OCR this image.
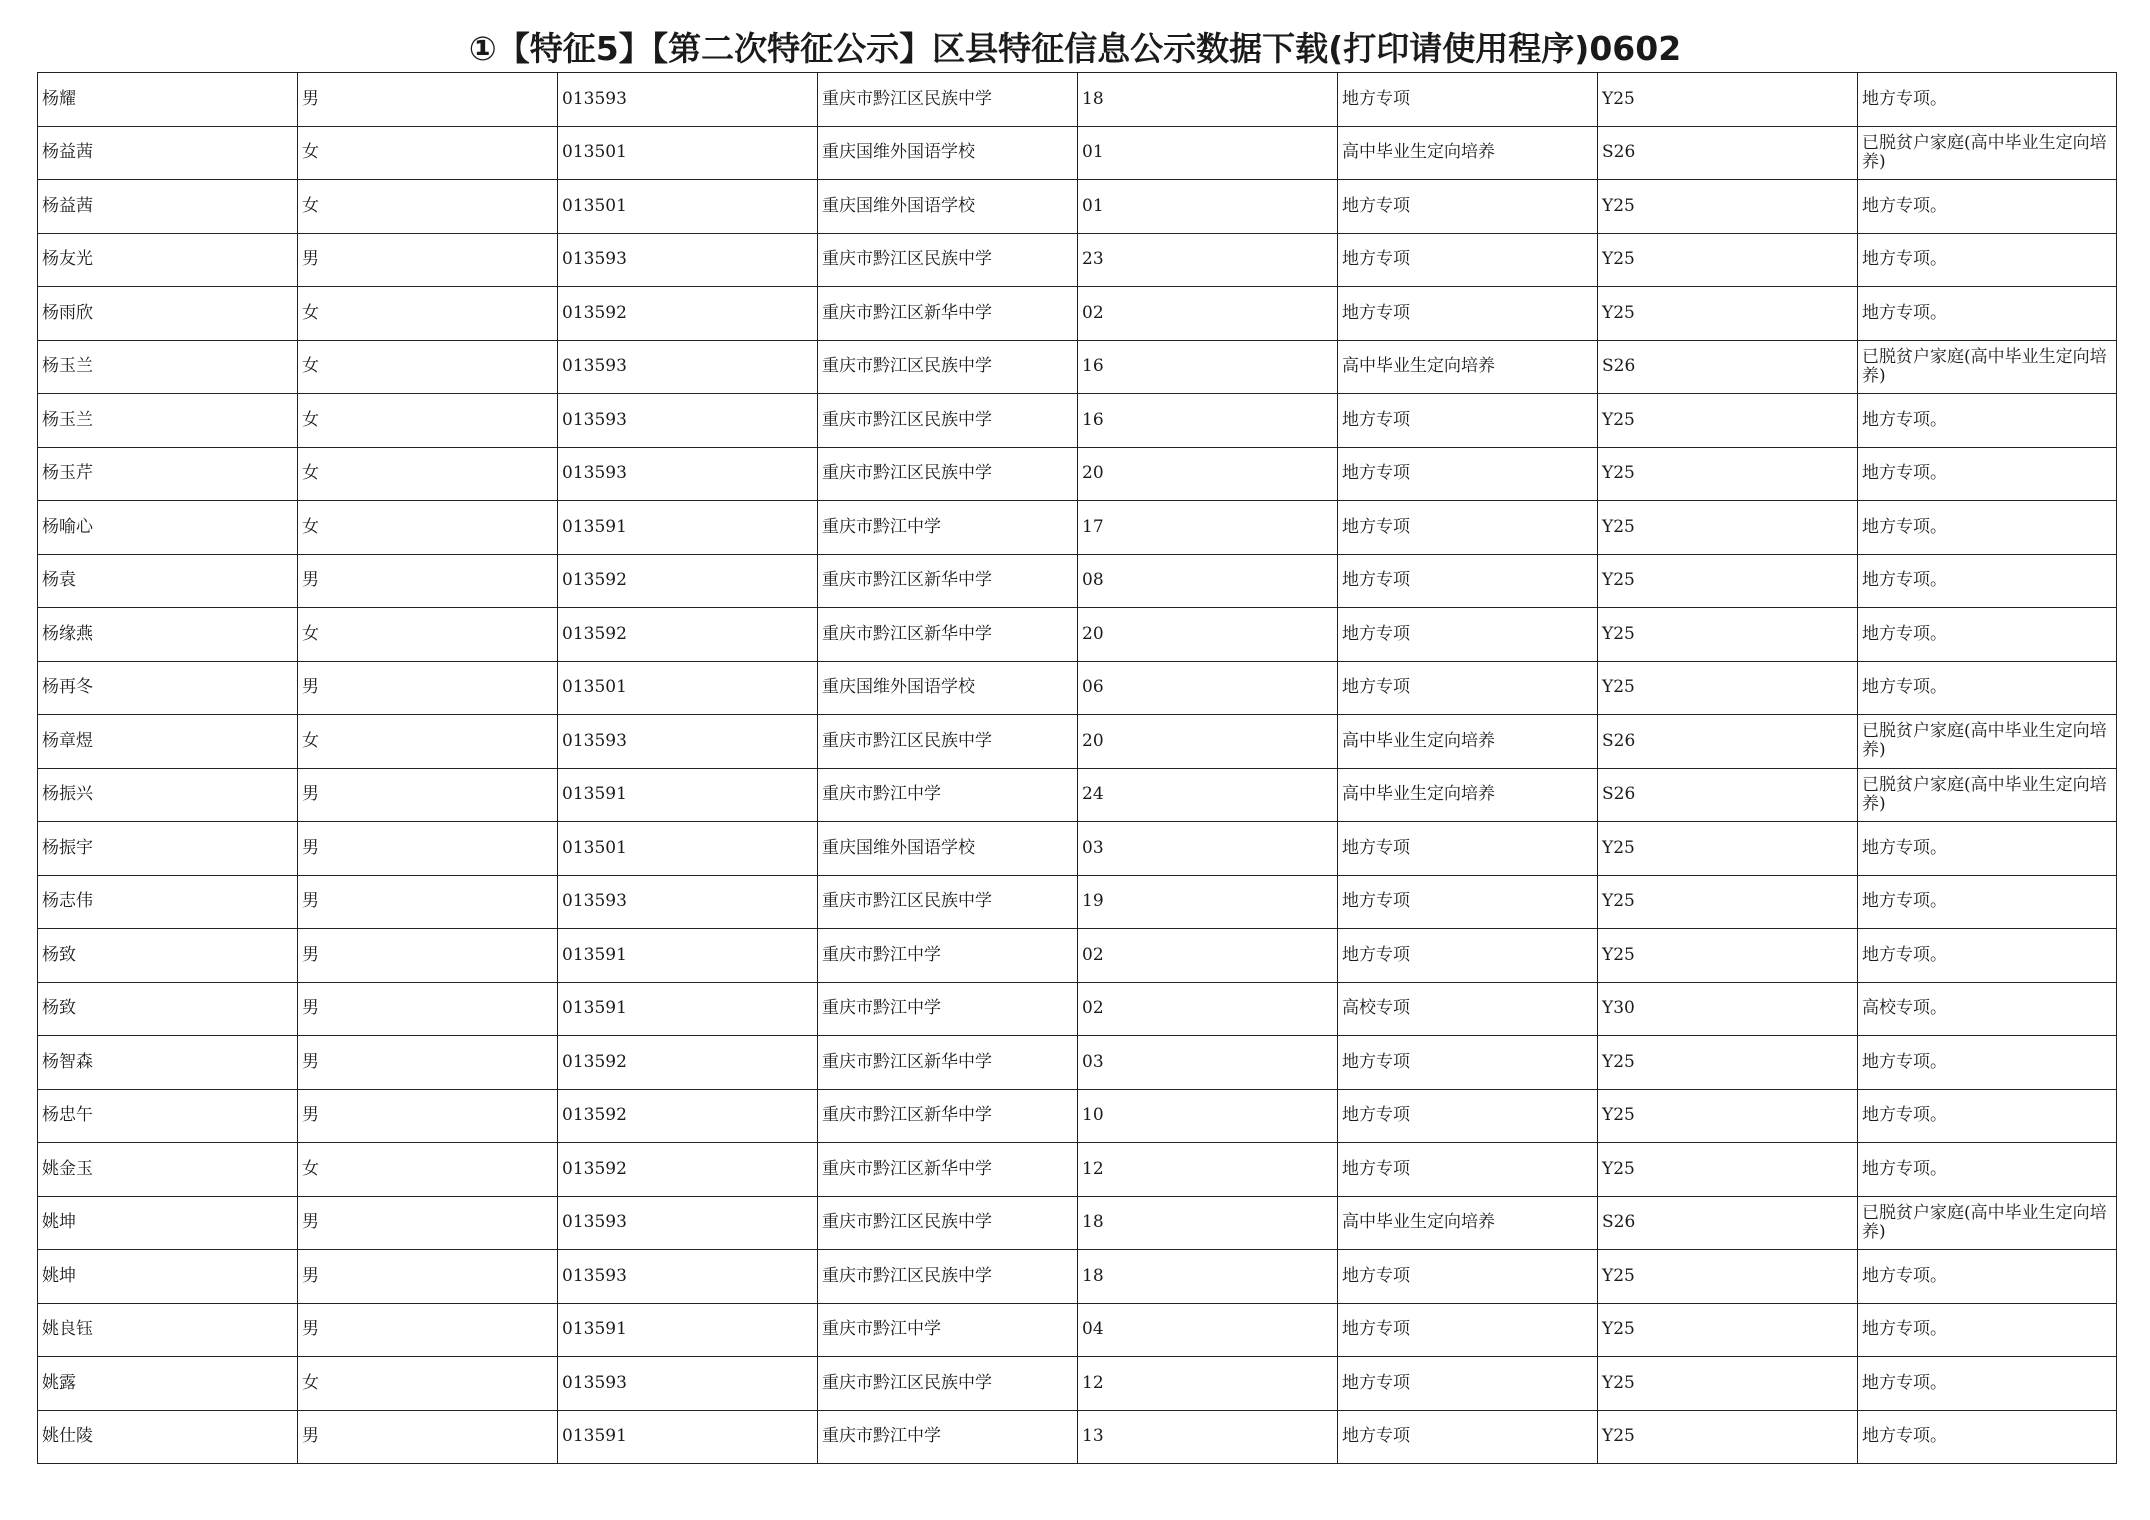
①【特征5】【第二次特征公示】区县特征信息公示数据下载(打印请使用程序)0602
杨耀	男	013593	重庆市黔江区民族中学	18	地方专项	Y25	地方专项。
杨益茜	女	013501	重庆国维外国语学校	01	高中毕业生定向培养	S26	已脱贫户家庭(高中毕业生定向培养)
杨益茜	女	013501	重庆国维外国语学校	01	地方专项	Y25	地方专项。
杨友光	男	013593	重庆市黔江区民族中学	23	地方专项	Y25	地方专项。
杨雨欣	女	013592	重庆市黔江区新华中学	02	地方专项	Y25	地方专项。
杨玉兰	女	013593	重庆市黔江区民族中学	16	高中毕业生定向培养	S26	已脱贫户家庭(高中毕业生定向培养)
杨玉兰	女	013593	重庆市黔江区民族中学	16	地方专项	Y25	地方专项。
杨玉芹	女	013593	重庆市黔江区民族中学	20	地方专项	Y25	地方专项。
杨喻心	女	013591	重庆市黔江中学	17	地方专项	Y25	地方专项。
杨袁	男	013592	重庆市黔江区新华中学	08	地方专项	Y25	地方专项。
杨缘燕	女	013592	重庆市黔江区新华中学	20	地方专项	Y25	地方专项。
杨再冬	男	013501	重庆国维外国语学校	06	地方专项	Y25	地方专项。
杨章煜	女	013593	重庆市黔江区民族中学	20	高中毕业生定向培养	S26	已脱贫户家庭(高中毕业生定向培养)
杨振兴	男	013591	重庆市黔江中学	24	高中毕业生定向培养	S26	已脱贫户家庭(高中毕业生定向培养)
杨振宇	男	013501	重庆国维外国语学校	03	地方专项	Y25	地方专项。
杨志伟	男	013593	重庆市黔江区民族中学	19	地方专项	Y25	地方专项。
杨致	男	013591	重庆市黔江中学	02	地方专项	Y25	地方专项。
杨致	男	013591	重庆市黔江中学	02	高校专项	Y30	高校专项。
杨智森	男	013592	重庆市黔江区新华中学	03	地方专项	Y25	地方专项。
杨忠午	男	013592	重庆市黔江区新华中学	10	地方专项	Y25	地方专项。
姚金玉	女	013592	重庆市黔江区新华中学	12	地方专项	Y25	地方专项。
姚坤	男	013593	重庆市黔江区民族中学	18	高中毕业生定向培养	S26	已脱贫户家庭(高中毕业生定向培养)
姚坤	男	013593	重庆市黔江区民族中学	18	地方专项	Y25	地方专项。
姚良钰	男	013591	重庆市黔江中学	04	地方专项	Y25	地方专项。
姚露	女	013593	重庆市黔江区民族中学	12	地方专项	Y25	地方专项。
姚仕陵	男	013591	重庆市黔江中学	13	地方专项	Y25	地方专项。
